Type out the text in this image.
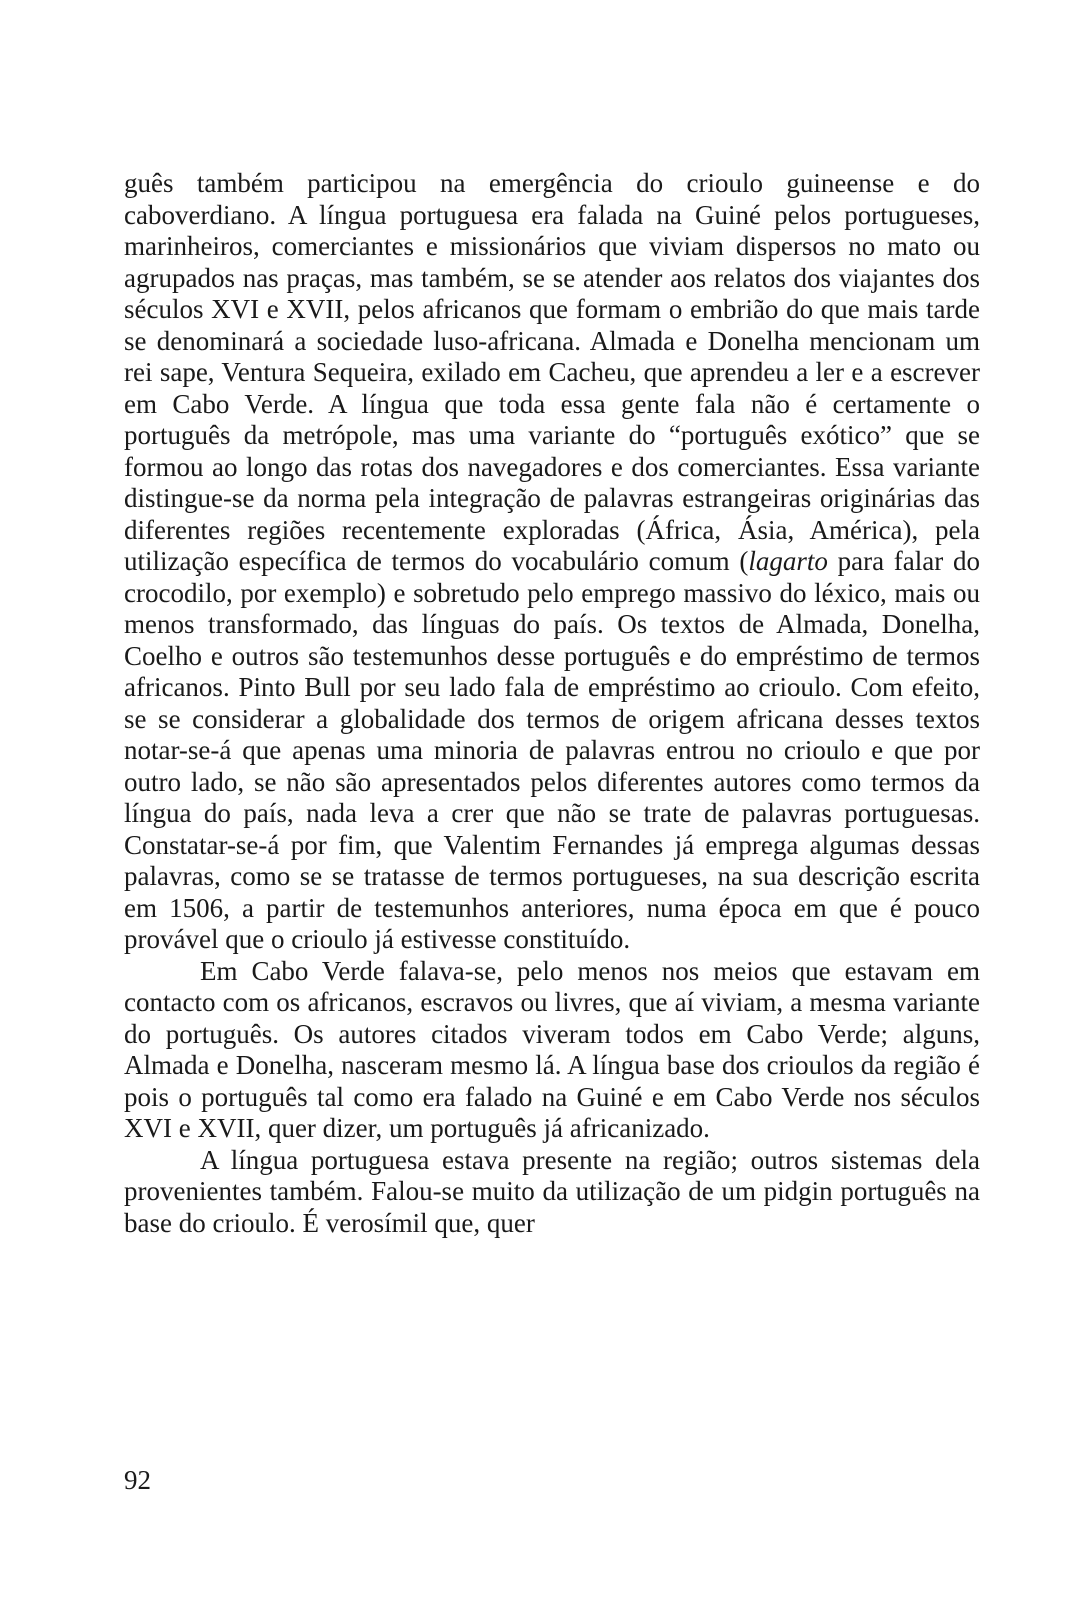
guês também participou na emergência do crioulo guineense e do caboverdiano. A língua portuguesa era falada na Guiné pelos portugueses, marinheiros, comerciantes e missionários que viviam dispersos no mato ou agrupados nas praças, mas também, se se atender aos relatos dos viajantes dos séculos XVI e XVII, pelos africanos que formam o embrião do que mais tarde se denominará a sociedade luso-africana. Almada e Donelha mencionam um rei sape, Ventura Sequeira, exilado em Cacheu, que aprendeu a ler e a escrever em Cabo Verde. A língua que toda essa gente fala não é certamente o português da metrópole, mas uma variante do “português exótico” que se formou ao longo das rotas dos navegadores e dos comerciantes. Essa variante distingue-se da norma pela integração de palavras estrangeiras originárias das diferentes regiões recentemente exploradas (África, Ásia, América), pela utilização específica de termos do vocabulário comum (lagarto para falar do crocodilo, por exemplo) e sobretudo pelo emprego massivo do léxico, mais ou menos transformado, das línguas do país. Os textos de Almada, Donelha, Coelho e outros são testemunhos desse português e do empréstimo de termos africanos. Pinto Bull por seu lado fala de empréstimo ao crioulo. Com efeito, se se considerar a globalidade dos termos de origem africana desses textos notar-se-á que apenas uma minoria de palavras entrou no crioulo e que por outro lado, se não são apresentados pelos diferentes autores como termos da língua do país, nada leva a crer que não se trate de palavras portuguesas. Constatar-se-á por fim, que Valentim Fernandes já emprega algumas dessas palavras, como se se tratasse de termos portugueses, na sua descrição escrita em 1506, a partir de testemunhos anteriores, numa época em que é pouco provável que o crioulo já estivesse constituído.

Em Cabo Verde falava-se, pelo menos nos meios que estavam em contacto com os africanos, escravos ou livres, que aí viviam, a mesma variante do português. Os autores citados viveram todos em Cabo Verde; alguns, Almada e Donelha, nasceram mesmo lá. A língua base dos crioulos da região é pois o português tal como era falado na Guiné e em Cabo Verde nos séculos XVI e XVII, quer dizer, um português já africanizado.

A língua portuguesa estava presente na região; outros sistemas dela provenientes também. Falou-se muito da utilização de um pidgin português na base do crioulo. É verosímil que, quer

92
